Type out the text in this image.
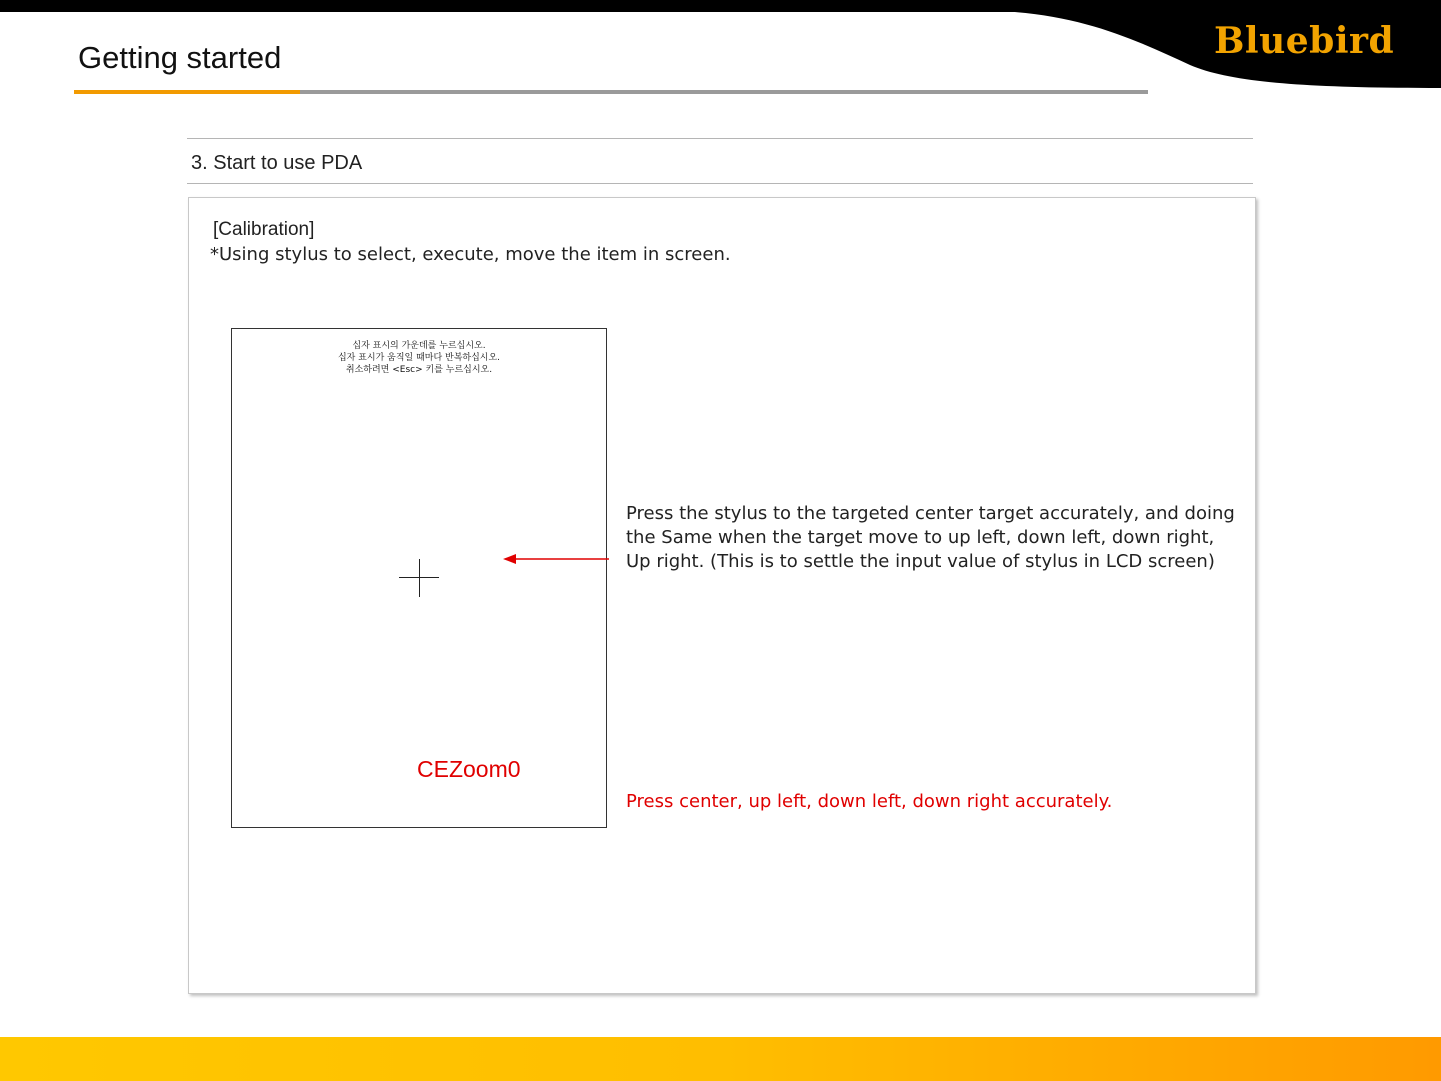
Bluebird
Getting started
3. Start to use PDA
[Calibration]
*Using stylus to select, execute, move the item in screen.
십자 표시의 가운데를 누르십시오.
십자 표시가 움직일 때마다 반복하십시오.
취소하려면 <Esc> 키를 누르십시오.
CEZoom0
Press the stylus to the targeted center target accurately, and doing the Same when the target move to up left, down left, down right, Up right. (This is to settle the input value of stylus in LCD screen)
Press center, up left, down left, down right accurately.
